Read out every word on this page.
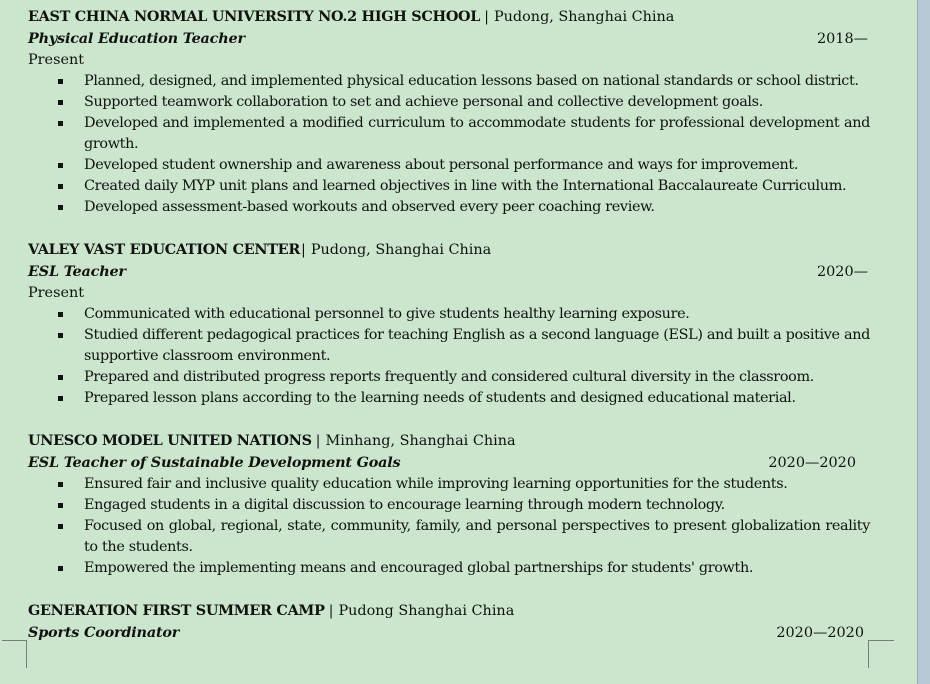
EAST CHINA NORMAL UNIVERSITY NO.2 HIGH SCHOOL | Pudong, Shanghai China
Physical Education Teacher	2018—
Present
Planned, designed, and implemented physical education lessons based on national standards or school district.
Supported teamwork collaboration to set and achieve personal and collective development goals.
Developed and implemented a modified curriculum to accommodate students for professional development and growth.
Developed student ownership and awareness about personal performance and ways for improvement.
Created daily MYP unit plans and learned objectives in line with the International Baccalaureate Curriculum.
Developed assessment-based workouts and observed every peer coaching review.
VALEY VAST EDUCATION CENTER | Pudong, Shanghai China
ESL Teacher	2020—
Present
Communicated with educational personnel to give students healthy learning exposure.
Studied different pedagogical practices for teaching English as a second language (ESL) and built a positive and supportive classroom environment.
Prepared and distributed progress reports frequently and considered cultural diversity in the classroom.
Prepared lesson plans according to the learning needs of students and designed educational material.
UNESCO MODEL UNITED NATIONS | Minhang, Shanghai China
ESL Teacher of Sustainable Development Goals	2020—2020
Ensured fair and inclusive quality education while improving learning opportunities for the students.
Engaged students in a digital discussion to encourage learning through modern technology.
Focused on global, regional, state, community, family, and personal perspectives to present globalization reality to the students.
Empowered the implementing means and encouraged global partnerships for students' growth.
GENERATION FIRST SUMMER CAMP | Pudong Shanghai China
Sports Coordinator	2020—2020
